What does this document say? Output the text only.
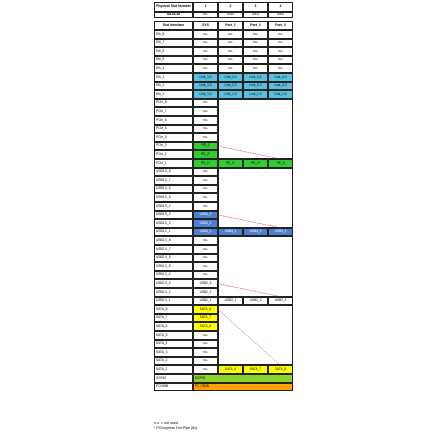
Physical Slot Number	1	2	3	4
SATA-ID	n.u.	0010	0001	0000
Slot Interface	SYS	Port_1	Port_2	Port_3
Eth_8	n.u.	n.u.	n.u.	n.u.
Eth_7	n.u.	n.u.	n.u.	n.u.
Eth_6	n.u.	n.u.	n.u.	n.u.
Eth_5	n.u.	n.u.	n.u.	n.u.
Eth_4	n.u.	n.u.	n.u.	n.u.
Eth_3	Link_1.4	Link_2.4	Link_3.4	Link_4.4
Eth_2	Link_1.3	Link_2.3	Link_3.3	Link_4.3
Eth_1	Link_1.2	Link_1.2	Link_1.3	Link_1.4
PCIe_8	n.u.
PCIe_7	n.u.
PCIe_6	n.u.
PCIe_5	n.u.
PCIe_4	n.u.
PCIe_3	PE_3
PCIe_2	PE_2*
PCIe_1	PE_1*	PE_1*	PE_2*	PE_3
USB3.0_8	n.u.
USB3.0_7	n.u.
USB3.0_6	n.u.
USB3.0_5	n.u.
USB3.0_4	n.u.
USB3.0_3	USB3_3
USB3.0_2	USB3_2
USB3.0_1	USB3_1	USB3_1	USB3_2	USB3_3
USB2.0_8	n.u.
USB2.0_7	n.u.
USB2.0_6	n.u.
USB2.0_5	n.u.
USB2.0_4	n.u.
USB2.0_3	USB2_3
USB2.0_2	USB2_2
USB2.0_1	USB2_1	USB2_1	USB2_2	USB2_3
SATA_8	SATA_8
SATA_7	SATA_7
SATA_6	SATA_6
SATA_5	n.u.
SATA_4	n.u.
SATA_3	n.u.
SATA_2	n.u.
SATA_1	n.u.	SATA_6	SATA_7	SATA_8
SGPIO	SGPIO
PCISMB	PC / SMB
n.u. = not used
* PCIexpress Full Pipe (8x)
